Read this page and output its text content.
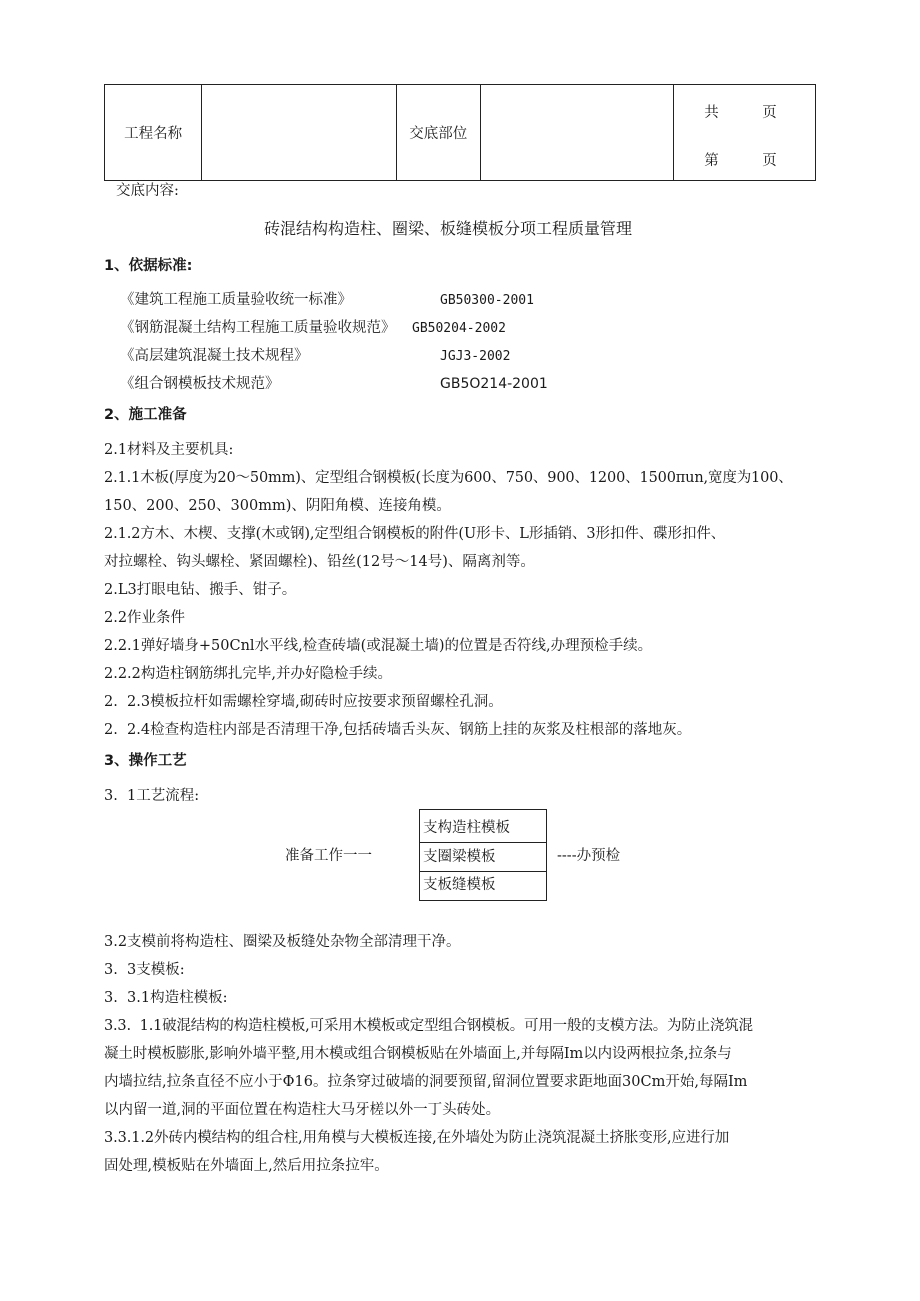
工程名称		交底部位		
共	页
第	页
交底内容:
砖混结构构造柱、圈梁、板缝模板分项工程质量管理
1、依据标准:
《建筑工程施工质量验收统一标准》	GB50300-2001
《钢筋混凝土结构工程施工质量验收规范》 GB50204-2002
《高层建筑混凝土技术规程》	JGJ3-2002
《组合钢模板技术规范》	GB5O214-2001
2、施工准备
2.1材料及主要机具:
2.1.1木板(厚度为20～50mm)、定型组合钢模板(长度为600、750、900、1200、1500πun,宽度为100、
150、200、250、300mm)、阴阳角模、连接角模。
2.1.2方木、木楔、支撑(木或钢),定型组合钢模板的附件(U形卡、L形插销、3形扣件、碟形扣件、
对拉螺栓、钩头螺栓、紧固螺栓)、铅丝(12号～14号)、隔离剂等。
2.L3打眼电钻、搬手、钳子。
2.2作业条件
2.2.1弹好墙身+50Cnl水平线,检查砖墙(或混凝土墙)的位置是否符线,办理预检手续。
2.2.2构造柱钢筋绑扎完毕,并办好隐检手续。
2.  2.3模板拉杆如需螺栓穿墙,砌砖时应按要求预留螺栓孔洞。
2.  2.4检查构造柱内部是否清理干净,包括砖墙舌头灰、钢筋上挂的灰浆及柱根部的落地灰。
3、操作工艺
3.  1工艺流程:
准备工作一一
支构造柱模板
支圈梁模板
支板缝模板
----办预检
3.2支模前将构造柱、圈梁及板缝处杂物全部清理干净。
3.  3支模板:
3.  3.1构造柱模板:
3.3.  1.1破混结构的构造柱模板,可采用木模板或定型组合钢模板。可用一般的支模方法。为防止浇筑混
凝土时模板膨胀,影响外墙平整,用木模或组合钢模板贴在外墙面上,并每隔Im以内设两根拉条,拉条与
内墙拉结,拉条直径不应小于Φ16。拉条穿过破墙的洞要预留,留洞位置要求距地面30Cm开始,每隔Im
以内留一道,洞的平面位置在构造柱大马牙槎以外一丁头砖处。
3.3.1.2外砖内模结构的组合柱,用角模与大模板连接,在外墙处为防止浇筑混凝土挤胀变形,应进行加
固处理,模板贴在外墙面上,然后用拉条拉牢。
